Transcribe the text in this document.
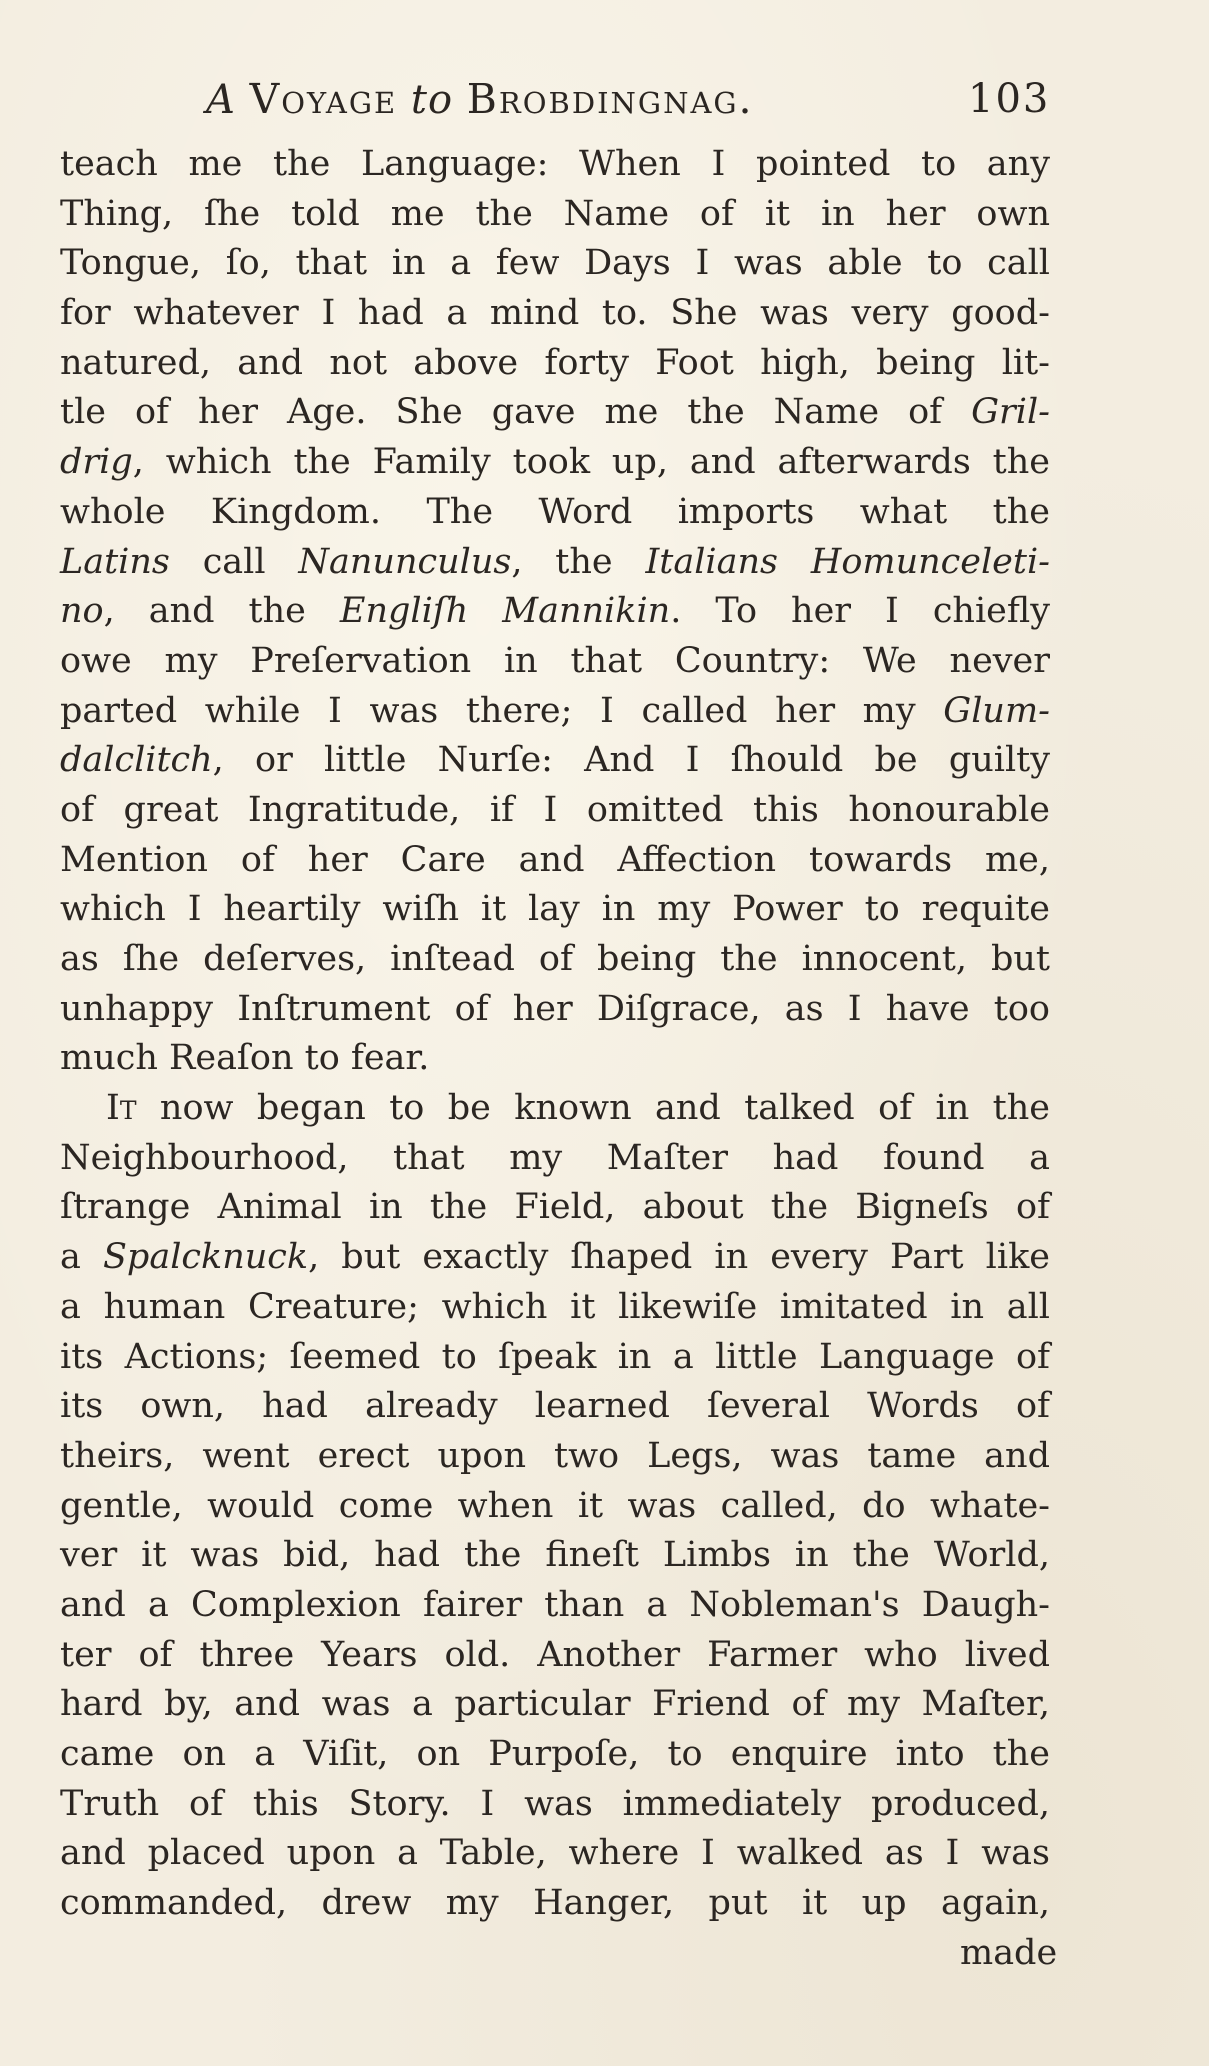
A Voyage to Brobdingnag.	103
teach me the Language: When I pointed to any
Thing, ſhe told me the Name of it in her own
Tongue, ſo, that in a few Days I was able to call
for whatever I had a mind to. She was very good-
natured, and not above forty Foot high, being lit-
tle of her Age. She gave me the Name of Gril-
drig, which the Family took up, and afterwards the
whole Kingdom. The Word imports what the
Latins call Nanunculus, the Italians Homunceleti-
no, and the Engliſh Mannikin. To her I chiefly
owe my Preſervation in that Country: We never
parted while I was there; I called her my Glum-
dalclitch, or little Nurſe: And I ſhould be guilty
of great Ingratitude, if I omitted this honourable
Mention of her Care and Affection towards me,
which I heartily wiſh it lay in my Power to requite
as ſhe deſerves, inſtead of being the innocent, but
unhappy Inſtrument of her Diſgrace, as I have too
much Reaſon to fear.
It now began to be known and talked of in the
Neighbourhood, that my Maſter had found a
ſtrange Animal in the Field, about the Bigneſs of
a Spalcknuck, but exactly ſhaped in every Part like
a human Creature; which it likewiſe imitated in all
its Actions; ſeemed to ſpeak in a little Language of
its own, had already learned ſeveral Words of
theirs, went erect upon two Legs, was tame and
gentle, would come when it was called, do whate-
ver it was bid, had the fineſt Limbs in the World,
and a Complexion fairer than a Nobleman's Daugh-
ter of three Years old. Another Farmer who lived
hard by, and was a particular Friend of my Maſter,
came on a Viſit, on Purpoſe, to enquire into the
Truth of this Story. I was immediately produced,
and placed upon a Table, where I walked as I was
commanded, drew my Hanger, put it up again,
made
